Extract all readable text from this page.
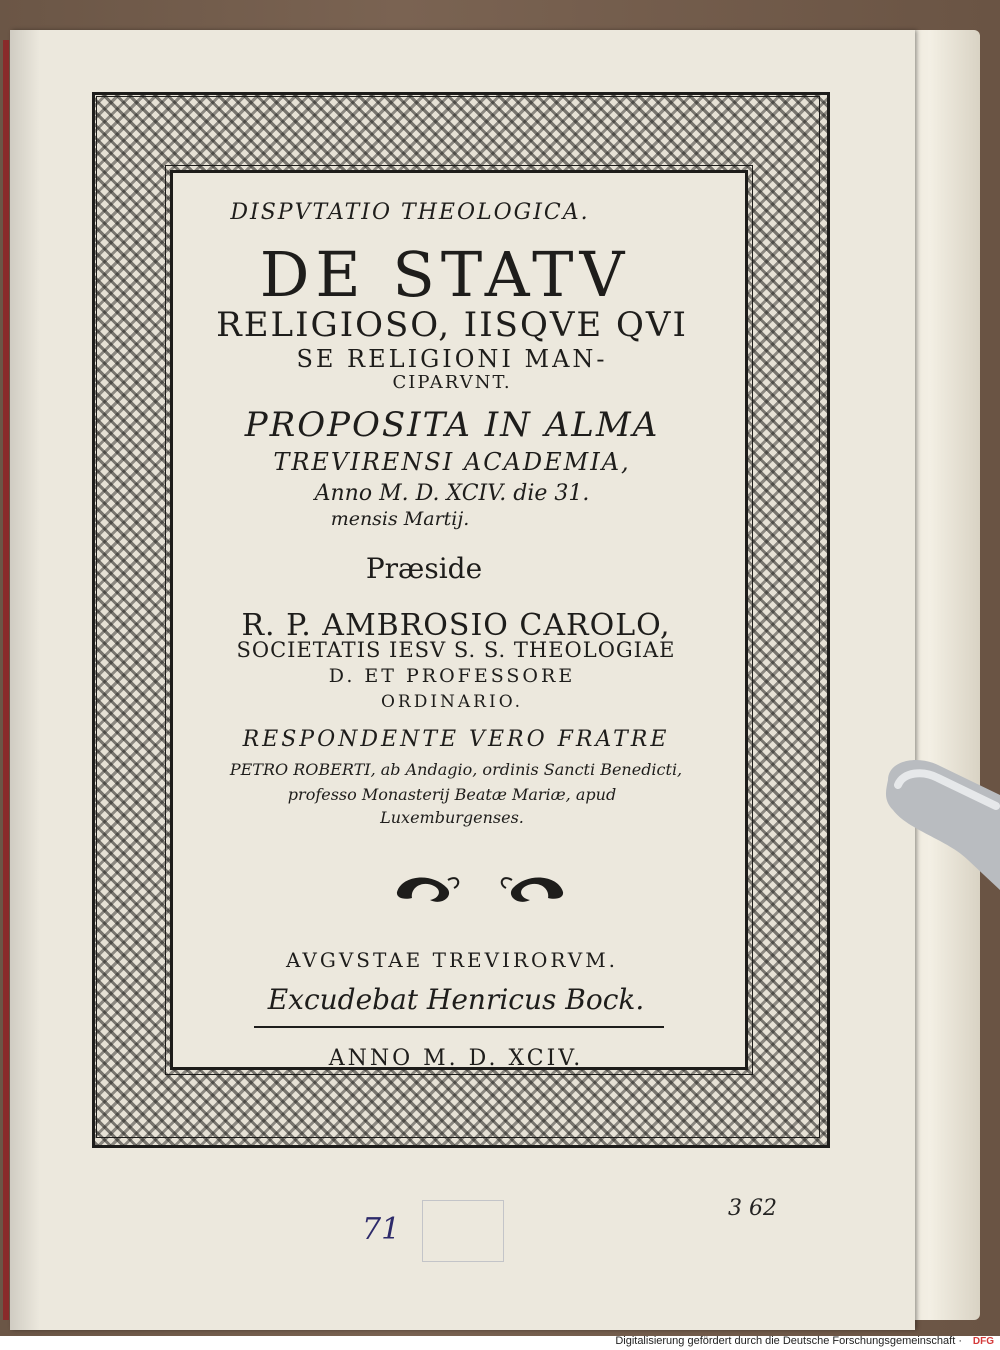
DISPVTATIO THEOLOGICA.
DE STATV
RELIGIOSO, IISQVE QVI
SE RELIGIONI MAN-
CIPARVNT.
PROPOSITA IN ALMA
TREVIRENSI ACADEMIA,
Anno M. D. XCIV. die 31.
mensis Martij.
Præside
R. P. AMBROSIO CAROLO,
SOCIETATIS IESV S. S. THEOLOGIAE
D. ET PROFESSORE
ORDINARIO.
RESPONDENTE VERO FRATRE
PETRO ROBERTI, ab Andagio, ordinis Sancti Benedicti,
professo Monasterij Beatæ Mariæ, apud
Luxemburgenses.
AVGVSTAE TREVIRORVM.
Excudebat Henricus Bock.
ANNO M. D. XCIV.
71
3 62
Digitalisierung gefördert durch die Deutsche Forschungsgemeinschaft · DFG
